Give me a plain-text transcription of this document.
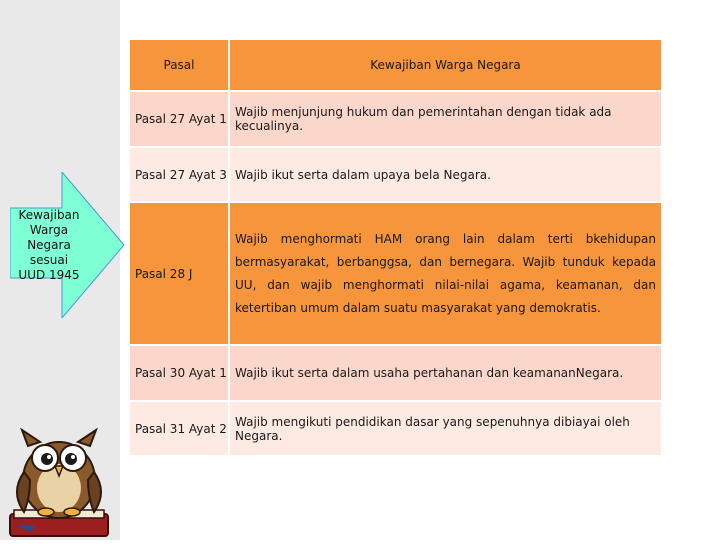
Kewajiban
Warga
Negara
sesuai
UUD 1945
Pasal	Kewajiban Warga Negara
Pasal 27 Ayat 1	Wajib menjunjung hukum dan pemerintahan dengan tidak ada kecualinya.
Pasal 27 Ayat 3	Wajib ikut serta dalam upaya bela Negara.
Pasal 28 J	Wajib menghormati HAM orang lain dalam terti bkehidupan bermasyarakat, berbanggsa, dan bernegara. Wajib tunduk kepada UU, dan wajib menghormati nilai-nilai agama, keamanan, dan ketertiban umum dalam suatu masyarakat yang demokratis.
Pasal 30 Ayat 1	Wajib ikut serta dalam usaha pertahanan dan keamananNegara.
Pasal 31 Ayat 2	Wajib mengikuti pendidikan dasar yang sepenuhnya dibiayai oleh Negara.
